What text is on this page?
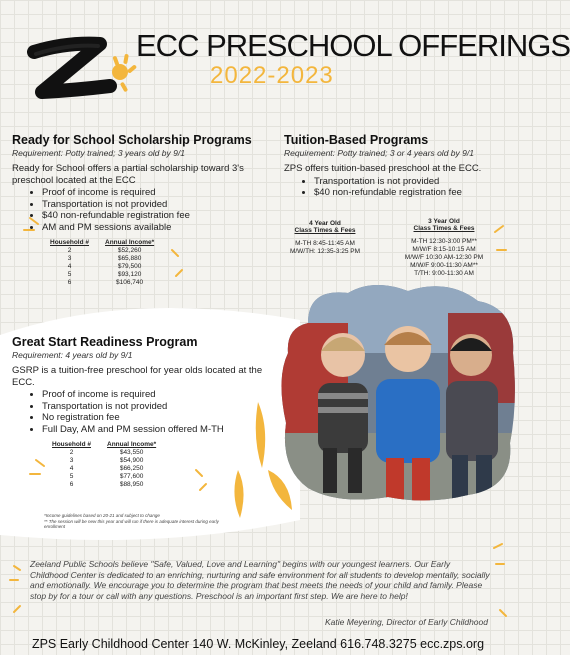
ECC PRESCHOOL OFFERINGS
2022-2023
Ready for School Scholarship Programs
Requirement: Potty trained; 3 years old by 9/1
Ready for School offers a partial scholarship toward 3's preschool located at the ECC
• Proof of income is required
• Transportation is not provided
• $40 non-refundable registration fee
• AM and PM sessions available
Household #	Annual Income*
2	$52,260
3	$65,880
4	$79,500
5	$93,120
6	$106,740
Tuition-Based Programs
Requirement: Potty trained; 3 or 4 years old by 9/1
ZPS offers tuition-based preschool at the ECC.
• Transportation is not provided
• $40 non-refundable registration fee
4 Year Old
Class Times & Fees
M-TH 8:45-11:45 AM
M/W/TH: 12:35-3:25 PM
3 Year Old
Class Times & Fees
M-TH 12:30-3:00 PM**
M/W/F 8:15-10:15 AM
M/W/F 10:30 AM-12:30 PM
M/W/F 9:00-11:30 AM**
T/TH: 9:00-11:30 AM
Great Start Readiness Program
Requirement: 4 years old by 9/1
GSRP is a tuition-free preschool for year olds located at the ECC.
• Proof of income is required
• Transportation is not provided
• No registration fee
• Full Day, AM and PM session offered M-TH
Household #	Annual Income*
2	$43,550
3	$54,900
4	$66,250
5	$77,600
6	$88,950
*Income guidelines based on 20-21 and subject to change
** The session will be new this year and will run if there is adequate interest during early enrollment
Zeeland Public Schools believe "Safe, Valued, Love and Learning" begins with our youngest learners. Our Early Childhood Center is dedicated to an enriching, nurturing and safe environment for all students to develop mentally, socially and emotionally. We encourage you to determine the program that best meets the needs of your child and family. Please stop by for a tour or call with any questions. Preschool is an important first step. We are here to help!
Katie Meyering, Director of Early Childhood
ZPS Early Childhood Center 140 W. McKinley, Zeeland 616.748.3275 ecc.zps.org
